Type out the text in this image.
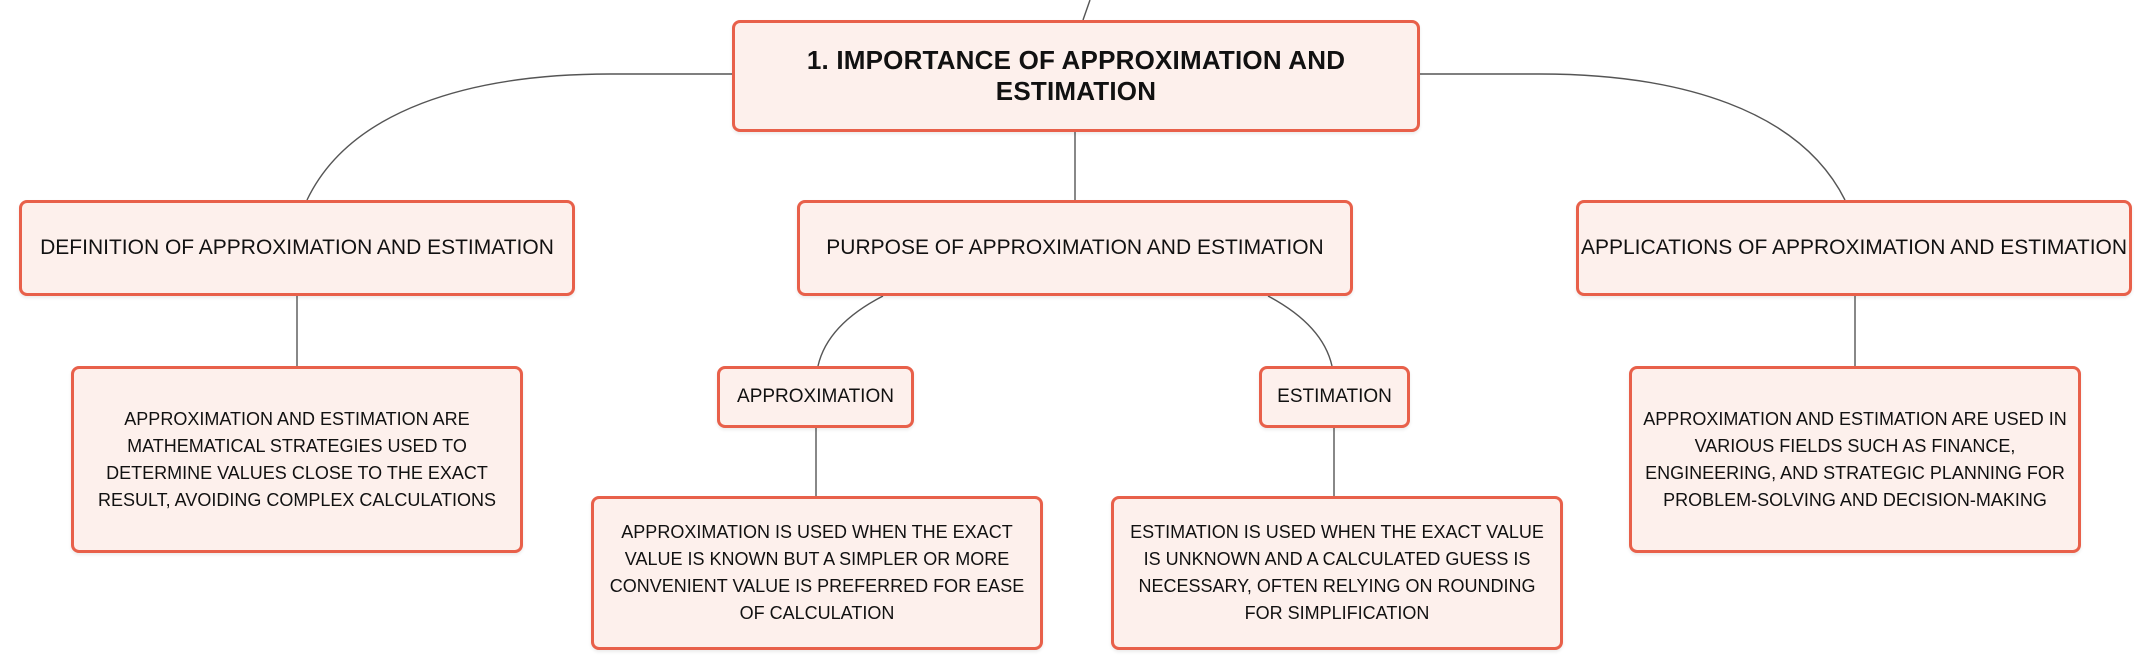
1. IMPORTANCE OF APPROXIMATION AND ESTIMATION
DEFINITION OF APPROXIMATION AND ESTIMATION	PURPOSE OF APPROXIMATION AND ESTIMATION	APPLICATIONS OF APPROXIMATION AND ESTIMATION
APPROXIMATION	ESTIMATION
APPROXIMATION AND ESTIMATION ARE MATHEMATICAL STRATEGIES USED TO DETERMINE VALUES CLOSE TO THE EXACT RESULT, AVOIDING COMPLEX CALCULATIONS
APPROXIMATION IS USED WHEN THE EXACT VALUE IS KNOWN BUT A SIMPLER OR MORE CONVENIENT VALUE IS PREFERRED FOR EASE OF CALCULATION
ESTIMATION IS USED WHEN THE EXACT VALUE IS UNKNOWN AND A CALCULATED GUESS IS NECESSARY, OFTEN RELYING ON ROUNDING FOR SIMPLIFICATION
APPROXIMATION AND ESTIMATION ARE USED IN VARIOUS FIELDS SUCH AS FINANCE, ENGINEERING, AND STRATEGIC PLANNING FOR PROBLEM-SOLVING AND DECISION-MAKING
